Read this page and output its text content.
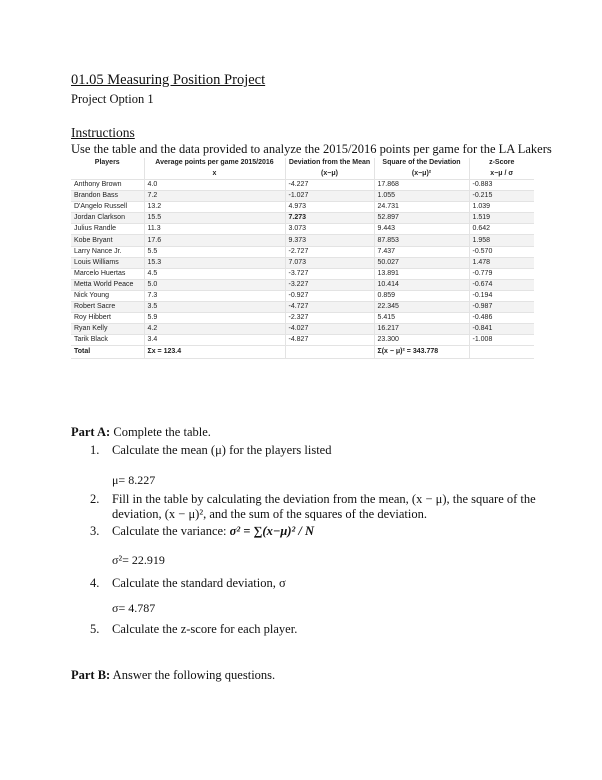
01.05 Measuring Position Project
Project Option 1
Instructions
Use the table and the data provided to analyze the 2015/2016 points per game for the LA Lakers
Players	Average points per game 2015/2016	Deviation from the Mean	Square of the Deviation	z-Score
	x	(x−μ)	(x−μ)²	x−μ / σ
Anthony Brown	4.0	-4.227	17.868	-0.883
Brandon Bass	7.2	-1.027	1.055	-0.215
D'Angelo Russell	13.2	4.973	24.731	1.039
Jordan Clarkson	15.5	7.273	52.897	1.519
Julius Randle	11.3	3.073	9.443	0.642
Kobe Bryant	17.6	9.373	87.853	1.958
Larry Nance Jr.	5.5	-2.727	7.437	-0.570
Louis Williams	15.3	7.073	50.027	1.478
Marcelo Huertas	4.5	-3.727	13.891	-0.779
Metta World Peace	5.0	-3.227	10.414	-0.674
Nick Young	7.3	-0.927	0.859	-0.194
Robert Sacre	3.5	-4.727	22.345	-0.987
Roy Hibbert	5.9	-2.327	5.415	-0.486
Ryan Kelly	4.2	-4.027	16.217	-0.841
Tarik Black	3.4	-4.827	23.300	-1.008
Total	Σx = 123.4		Σ(x − μ)² = 343.778	
Part A: Complete the table.
1. Calculate the mean (μ) for the players listed
μ= 8.227
2. Fill in the table by calculating the deviation from the mean, (x − μ), the square of the deviation, (x − μ)², and the sum of the squares of the deviation.
3. Calculate the variance: σ² = ∑(x−μ)² / N
σ²= 22.919
4. Calculate the standard deviation, σ
σ= 4.787
5. Calculate the z-score for each player.
Part B: Answer the following questions.
